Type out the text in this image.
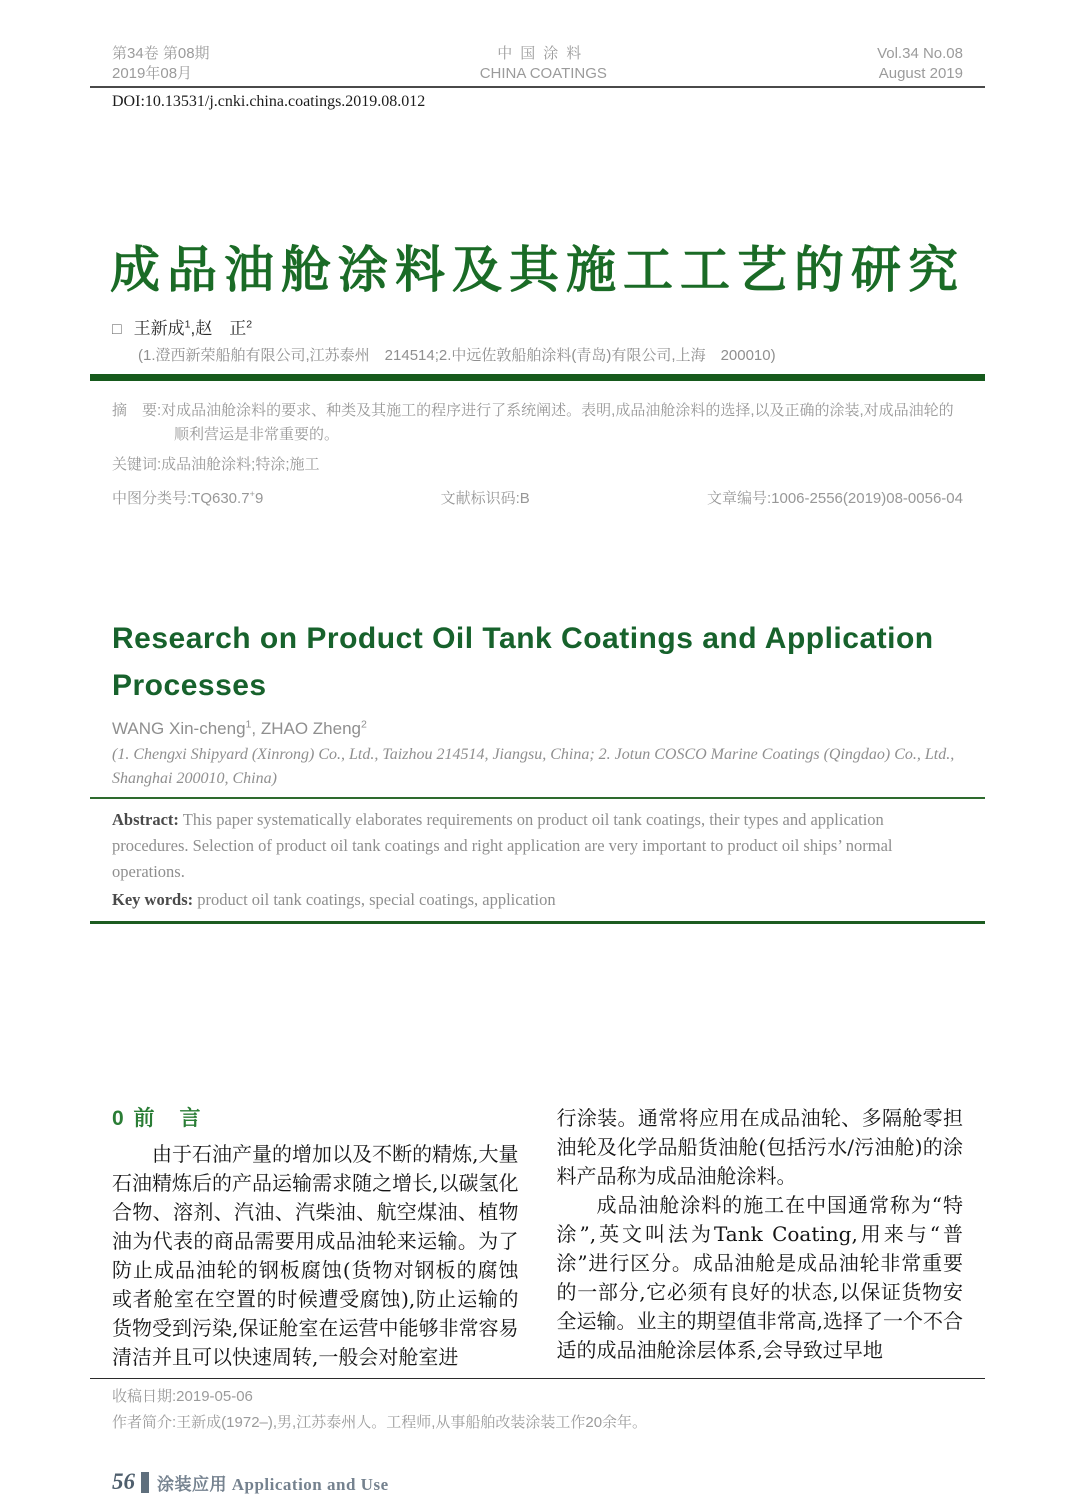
第34卷 第08期
2019年08月
中国涂料
CHINA COATINGS
Vol.34 No.08
August 2019
DOI:10.13531/j.cnki.china.coatings.2019.08.012
成品油舱涂料及其施工工艺的研究
□ 王新成$^1$,赵　正$^2$
(1.澄西新荣船舶有限公司,江苏泰州　214514;2.中远佐敦船舶涂料(青岛)有限公司,上海　200010)
摘　要:对成品油舱涂料的要求、种类及其施工的程序进行了系统阐述。表明,成品油舱涂料的选择,以及正确的涂装,对成品油轮的顺利营运是非常重要的。
关键词:成品油舱涂料;特涂;施工
中图分类号:TQ630.7+9	文献标识码:B	文章编号:1006-2556(2019)08-0056-04
Research on Product Oil Tank Coatings and Application
Processes
WANG Xin-cheng$^1$, ZHAO Zheng$^2$
(1. Chengxi Shipyard (Xinrong) Co., Ltd., Taizhou 214514, Jiangsu, China; 2. Jotun COSCO Marine Coatings (Qingdao) Co., Ltd., Shanghai 200010, China)
Abstract: This paper systematically elaborates requirements on product oil tank coatings, their types and application procedures. Selection of product oil tank coatings and right application are very important to product oil ships’ normal operations.
Key words: product oil tank coatings, special coatings, application
0 前　言

由于石油产量的增加以及不断的精炼,大量石油精炼后的产品运输需求随之增长,以碳氢化合物、溶剂、汽油、汽柴油、航空煤油、植物油为代表的商品需要用成品油轮来运输。为了防止成品油轮的钢板腐蚀(货物对钢板的腐蚀或者舱室在空置的时候遭受腐蚀),防止运输的货物受到污染,保证舱室在运营中能够非常容易清洁并且可以快速周转,一般会对舱室进

行涂装。通常将应用在成品油轮、多隔舱零担油轮及化学品船货油舱(包括污水/污油舱)的涂料产品称为成品油舱涂料。

成品油舱涂料的施工在中国通常称为“特涂”,英文叫法为Tank Coating,用来与“普涂”进行区分。成品油舱是成品油轮非常重要的一部分,它必须有良好的状态,以保证货物安全运输。业主的期望值非常高,选择了一个不合适的成品油舱涂层体系,会导致过早地

收稿日期:2019-05-06
作者简介:王新成(1972–),男,江苏泰州人。工程师,从事船舶改装涂装工作20余年。
56 涂装应用 Application and Use
